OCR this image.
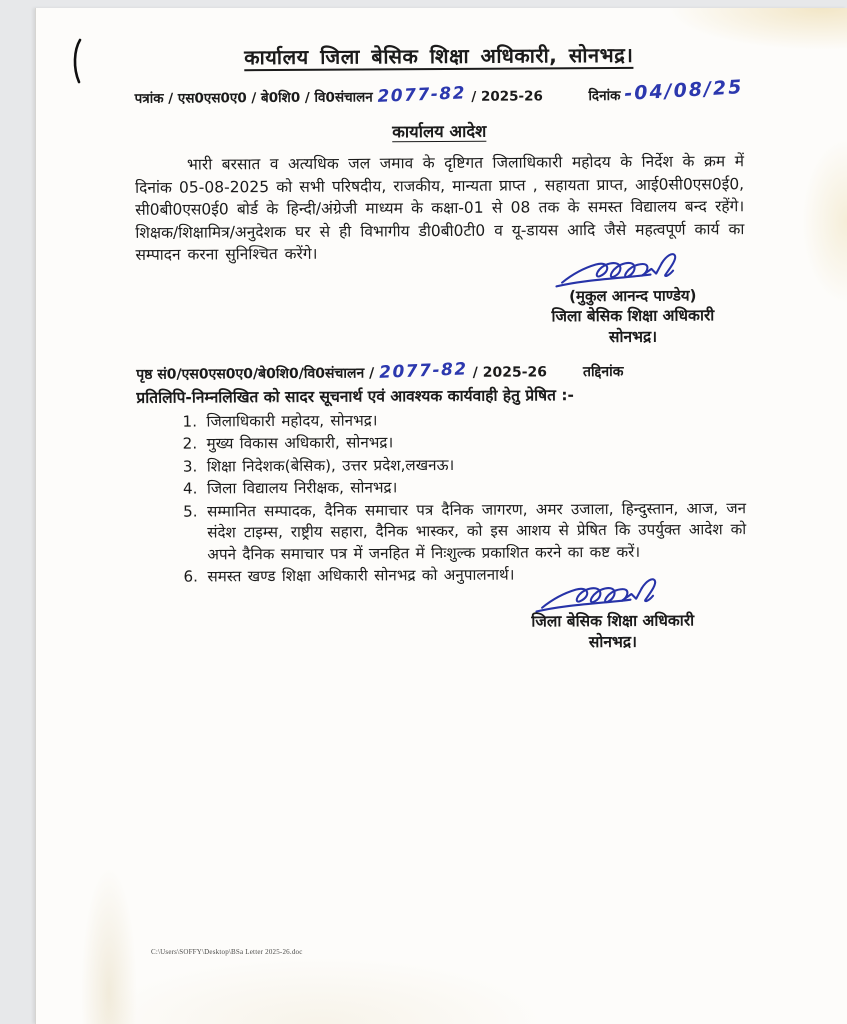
कार्यालय जिला बेसिक शिक्षा अधिकारी, सोनभद्र।
पत्रांक / एस0एस0ए0 / बे0शि0 / वि0संचालन 2077-82 / 2025-26	दिनांक -04/08/25
कार्यालय आदेश

भारी बरसात व अत्यधिक जल जमाव के दृष्टिगत जिलाधिकारी महोदय के निर्देश के क्रम में दिनांक 05-08-2025 को सभी परिषदीय, राजकीय, मान्यता प्राप्त , सहायता प्राप्त, आई0सी0एस0ई0, सी0बी0एस0ई0 बोर्ड के हिन्दी/अंग्रेजी माध्यम के कक्षा-01 से 08 तक के समस्त विद्यालय बन्द रहेंगे। शिक्षक/शिक्षामित्र/अनुदेशक घर से ही विभागीय डी0बी0टी0 व यू-डायस आदि जैसे महत्वपूर्ण कार्य का सम्पादन करना सुनिश्चित करेंगे।

(मुकुल आनन्द पाण्डेय)
जिला बेसिक शिक्षा अधिकारी
सोनभद्र।
पृष्ठ सं0/एस0एस0ए0/बे0शि0/वि0संचालन / 2077-82 / 2025-26	तद्दिनांक
प्रतिलिपि-निम्नलिखित को सादर सूचनार्थ एवं आवश्यक कार्यवाही हेतु प्रेषित :-
1. जिलाधिकारी महोदय, सोनभद्र।
2. मुख्य विकास अधिकारी, सोनभद्र।
3. शिक्षा निदेशक(बेसिक), उत्तर प्रदेश,लखनऊ।
4. जिला विद्यालय निरीक्षक, सोनभद्र।
5. सम्मानित सम्पादक, दैनिक समाचार पत्र दैनिक जागरण, अमर उजाला, हिन्दुस्तान, आज, जन संदेश टाइम्स, राष्ट्रीय सहारा, दैनिक भास्कर, को इस आशय से प्रेषित कि उपर्युक्त आदेश को अपने दैनिक समाचार पत्र में जनहित में निःशुल्क प्रकाशित करने का कष्ट करें।
6. समस्त खण्ड शिक्षा अधिकारी सोनभद्र को अनुपालनार्थ।
जिला बेसिक शिक्षा अधिकारी
सोनभद्र।
C:\Users\SOFFY\Desktop\BSa Letter 2025-26.doc
